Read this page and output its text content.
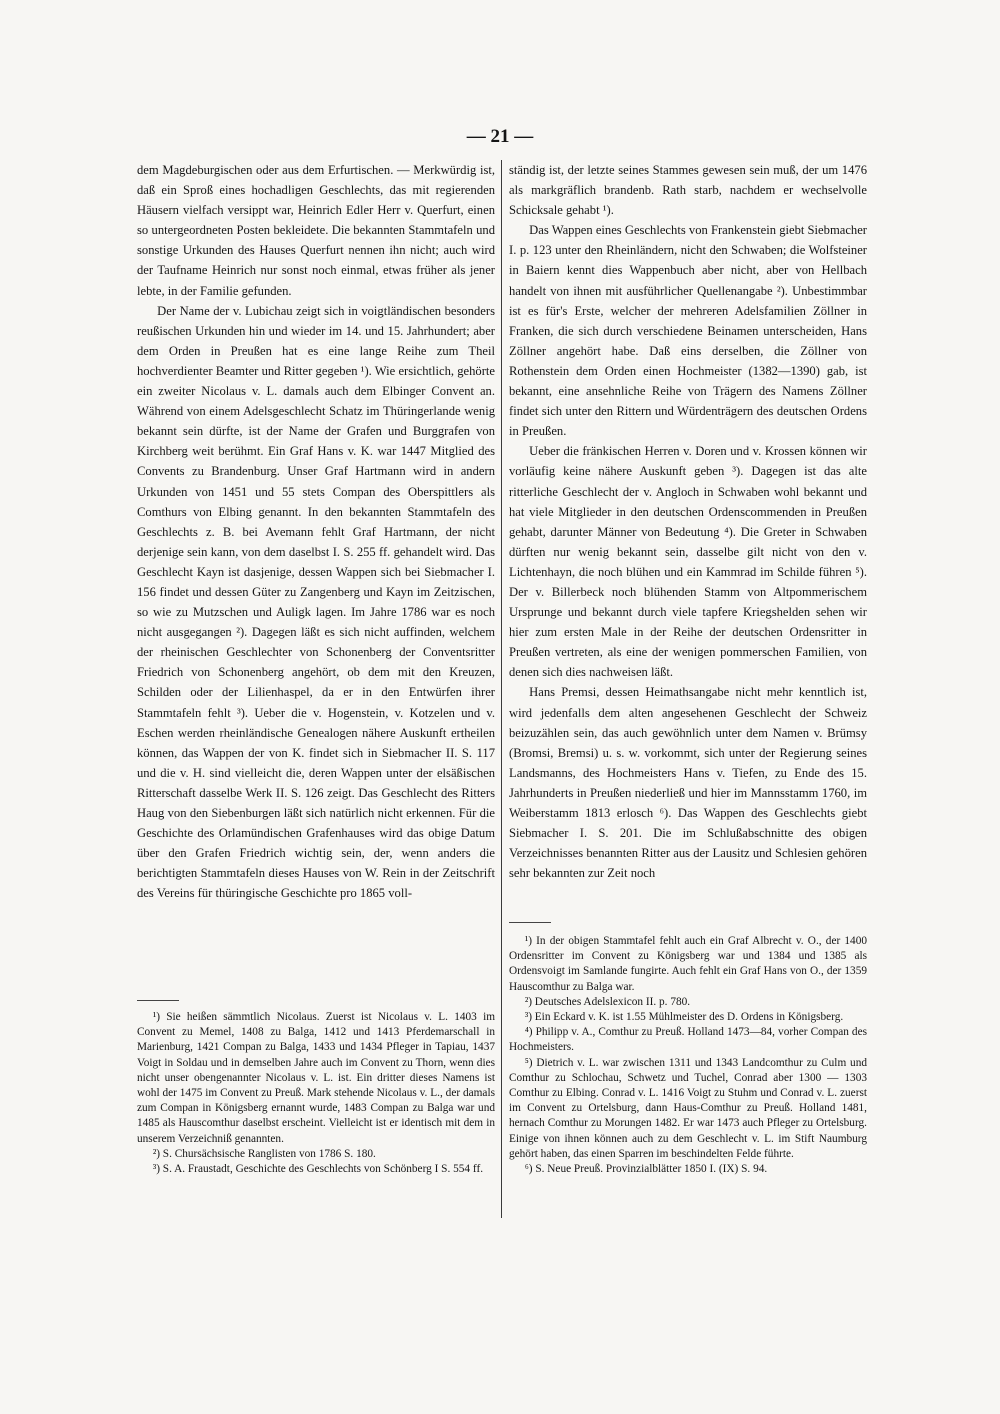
— 21 —

dem Magdeburgischen oder aus dem Erfurtischen. — Merkwürdig ist, daß ein Sproß eines hochadligen Geschlechts, das mit regierenden Häusern vielfach versippt war, Heinrich Edler Herr v. Querfurt, einen so untergeordneten Posten bekleidete. Die bekannten Stammtafeln und sonstige Urkunden des Hauses Querfurt nennen ihn nicht; auch wird der Taufname Heinrich nur sonst noch einmal, etwas früher als jener lebte, in der Familie gefunden.

Der Name der v. Lubichau zeigt sich in voigtländischen besonders reußischen Urkunden hin und wieder im 14. und 15. Jahrhundert; aber dem Orden in Preußen hat es eine lange Reihe zum Theil hochverdienter Beamter und Ritter gegeben ¹). Wie ersichtlich, gehörte ein zweiter Nicolaus v. L. damals auch dem Elbinger Convent an. Während von einem Adelsgeschlecht Schatz im Thüringerlande wenig bekannt sein dürfte, ist der Name der Grafen und Burggrafen von Kirchberg weit berühmt. Ein Graf Hans v. K. war 1447 Mitglied des Convents zu Brandenburg. Unser Graf Hartmann wird in andern Urkunden von 1451 und 55 stets Compan des Oberspittlers als Comthurs von Elbing genannt. In den bekannten Stammtafeln des Geschlechts z. B. bei Avemann fehlt Graf Hartmann, der nicht derjenige sein kann, von dem daselbst I. S. 255 ff. gehandelt wird. Das Geschlecht Kayn ist dasjenige, dessen Wappen sich bei Siebmacher I. 156 findet und dessen Güter zu Zangenberg und Kayn im Zeitzischen, so wie zu Mutzschen und Auligk lagen. Im Jahre 1786 war es noch nicht ausgegangen ²). Dagegen läßt es sich nicht auffinden, welchem der rheinischen Geschlechter von Schonenberg der Conventsritter Friedrich von Schonenberg angehört, ob dem mit den Kreuzen, Schilden oder der Lilienhaspel, da er in den Entwürfen ihrer Stammtafeln fehlt ³). Ueber die v. Hogenstein, v. Kotzelen und v. Eschen werden rheinländische Genealogen nähere Auskunft ertheilen können, das Wappen der von K. findet sich in Siebmacher II. S. 117 und die v. H. sind vielleicht die, deren Wappen unter der elsäßischen Ritterschaft dasselbe Werk II. S. 126 zeigt. Das Geschlecht des Ritters Haug von den Siebenburgen läßt sich natürlich nicht erkennen. Für die Geschichte des Orlamündischen Grafenhauses wird das obige Datum über den Grafen Friedrich wichtig sein, der, wenn anders die berichtigten Stammtafeln dieses Hauses von W. Rein in der Zeitschrift des Vereins für thüringische Geschichte pro 1865 voll-

ständig ist, der letzte seines Stammes gewesen sein muß, der um 1476 als markgräflich brandenb. Rath starb, nachdem er wechselvolle Schicksale gehabt ¹).

Das Wappen eines Geschlechts von Frankenstein giebt Siebmacher I. p. 123 unter den Rheinländern, nicht den Schwaben; die Wolfsteiner in Baiern kennt dies Wappenbuch aber nicht, aber von Hellbach handelt von ihnen mit ausführlicher Quellenangabe ²). Unbestimmbar ist es für's Erste, welcher der mehreren Adelsfamilien Zöllner in Franken, die sich durch verschiedene Beinamen unterscheiden, Hans Zöllner angehört habe. Daß eins derselben, die Zöllner von Rothenstein dem Orden einen Hochmeister (1382—1390) gab, ist bekannt, eine ansehnliche Reihe von Trägern des Namens Zöllner findet sich unter den Rittern und Würdenträgern des deutschen Ordens in Preußen.

Ueber die fränkischen Herren v. Doren und v. Krossen können wir vorläufig keine nähere Auskunft geben ³). Dagegen ist das alte ritterliche Geschlecht der v. Angloch in Schwaben wohl bekannt und hat viele Mitglieder in den deutschen Ordenscommenden in Preußen gehabt, darunter Männer von Bedeutung ⁴). Die Greter in Schwaben dürften nur wenig bekannt sein, dasselbe gilt nicht von den v. Lichtenhayn, die noch blühen und ein Kammrad im Schilde führen ⁵). Der v. Billerbeck noch blühenden Stamm von Altpommerischem Ursprunge und bekannt durch viele tapfere Kriegshelden sehen wir hier zum ersten Male in der Reihe der deutschen Ordensritter in Preußen vertreten, als eine der wenigen pommerschen Familien, von denen sich dies nachweisen läßt.

Hans Premsi, dessen Heimathsangabe nicht mehr kenntlich ist, wird jedenfalls dem alten angesehenen Geschlecht der Schweiz beizuzählen sein, das auch gewöhnlich unter dem Namen v. Brümsy (Bromsi, Bremsi) u. s. w. vorkommt, sich unter der Regierung seines Landsmanns, des Hochmeisters Hans v. Tiefen, zu Ende des 15. Jahrhunderts in Preußen niederließ und hier im Mannsstamm 1760, im Weiberstamm 1813 erlosch ⁶). Das Wappen des Geschlechts giebt Siebmacher I. S. 201. Die im Schlußabschnitte des obigen Verzeichnisses benannten Ritter aus der Lausitz und Schlesien gehören sehr bekannten zur Zeit noch

¹) Sie heißen sämmtlich Nicolaus. Zuerst ist Nicolaus v. L. 1403 im Convent zu Memel, 1408 zu Balga, 1412 und 1413 Pferdemarschall in Marienburg, 1421 Compan zu Balga, 1433 und 1434 Pfleger in Tapiau, 1437 Voigt in Soldau und in demselben Jahre auch im Convent zu Thorn, wenn dies nicht unser obengenannter Nicolaus v. L. ist. Ein dritter dieses Namens ist wohl der 1475 im Convent zu Preuß. Mark stehende Nicolaus v. L., der damals zum Compan in Königsberg ernannt wurde, 1483 Compan zu Balga war und 1485 als Hauscomthur daselbst erscheint. Vielleicht ist er identisch mit dem in unserem Verzeichniß genannten.

²) S. Chursächsische Ranglisten von 1786 S. 180.

³) S. A. Fraustadt, Geschichte des Geschlechts von Schönberg I S. 554 ff.

¹) In der obigen Stammtafel fehlt auch ein Graf Albrecht v. O., der 1400 Ordensritter im Convent zu Königsberg war und 1384 und 1385 als Ordensvoigt im Samlande fungirte. Auch fehlt ein Graf Hans von O., der 1359 Hauscomthur zu Balga war.

²) Deutsches Adelslexicon II. p. 780.

³) Ein Eckard v. K. ist 1.55 Mühlmeister des D. Ordens in Königsberg.

⁴) Philipp v. A., Comthur zu Preuß. Holland 1473—84, vorher Compan des Hochmeisters.

⁵) Dietrich v. L. war zwischen 1311 und 1343 Landcomthur zu Culm und Comthur zu Schlochau, Schwetz und Tuchel, Conrad aber 1300 — 1303 Comthur zu Elbing. Conrad v. L. 1416 Voigt zu Stuhm und Conrad v. L. zuerst im Convent zu Ortelsburg, dann Haus-Comthur zu Preuß. Holland 1481, hernach Comthur zu Morungen 1482. Er war 1473 auch Pfleger zu Ortelsburg. Einige von ihnen können auch zu dem Geschlecht v. L. im Stift Naumburg gehört haben, das einen Sparren im beschindelten Felde führte.

⁶) S. Neue Preuß. Provinzialblätter 1850 I. (IX) S. 94.
